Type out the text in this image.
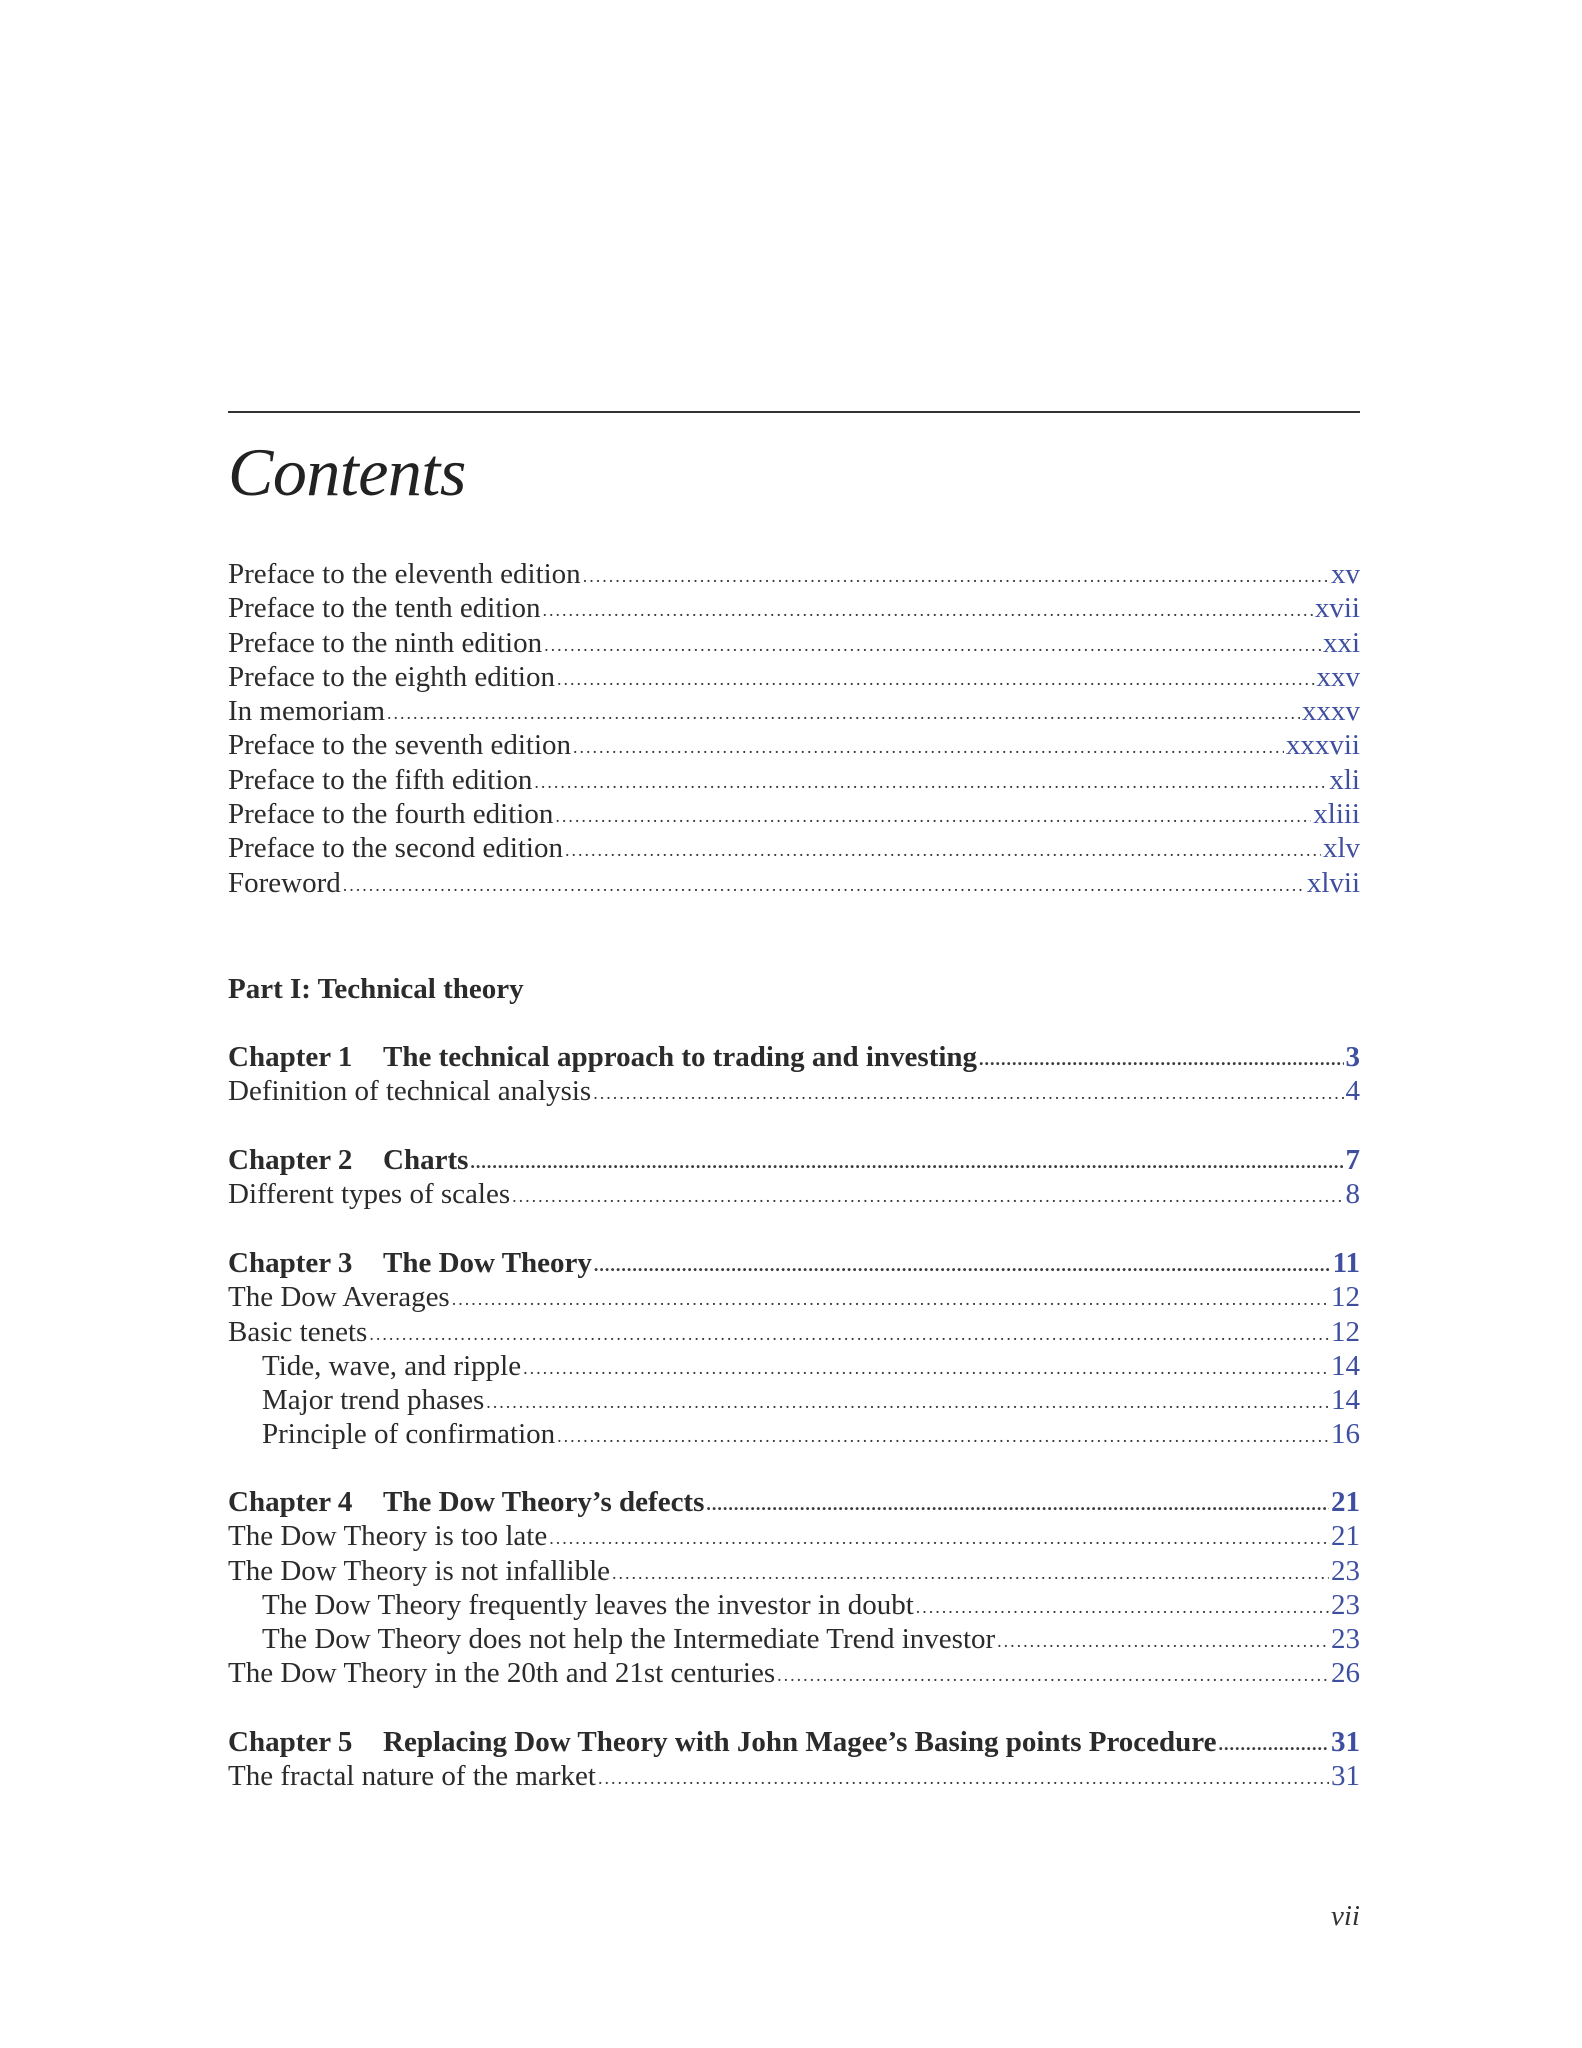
Contents
Preface to the eleventh edition .....	xv
Preface to the tenth edition .....	xvii
Preface to the ninth edition .....	xxi
Preface to the eighth edition .....	xxv
In memoriam .....	xxxv
Preface to the seventh edition .....	xxxvii
Preface to the fifth edition .....	xli
Preface to the fourth edition .....	xliii
Preface to the second edition .....	xlv
Foreword .....	xlvii
Part I: Technical theory
Chapter 1 The technical approach to trading and investing .....	3
Definition of technical analysis .....	4
Chapter 2 Charts .....	7
Different types of scales .....	8
Chapter 3 The Dow Theory .....	11
The Dow Averages .....	12
Basic tenets .....	12
Tide, wave, and ripple .....	14
Major trend phases .....	14
Principle of confirmation .....	16
Chapter 4 The Dow Theory’s defects .....	21
The Dow Theory is too late .....	21
The Dow Theory is not infallible .....	23
The Dow Theory frequently leaves the investor in doubt .....	23
The Dow Theory does not help the Intermediate Trend investor .....	23
The Dow Theory in the 20th and 21st centuries .....	26
Chapter 5 Replacing Dow Theory with John Magee’s Basing points Procedure .....	31
The fractal nature of the market .....	31
vii
